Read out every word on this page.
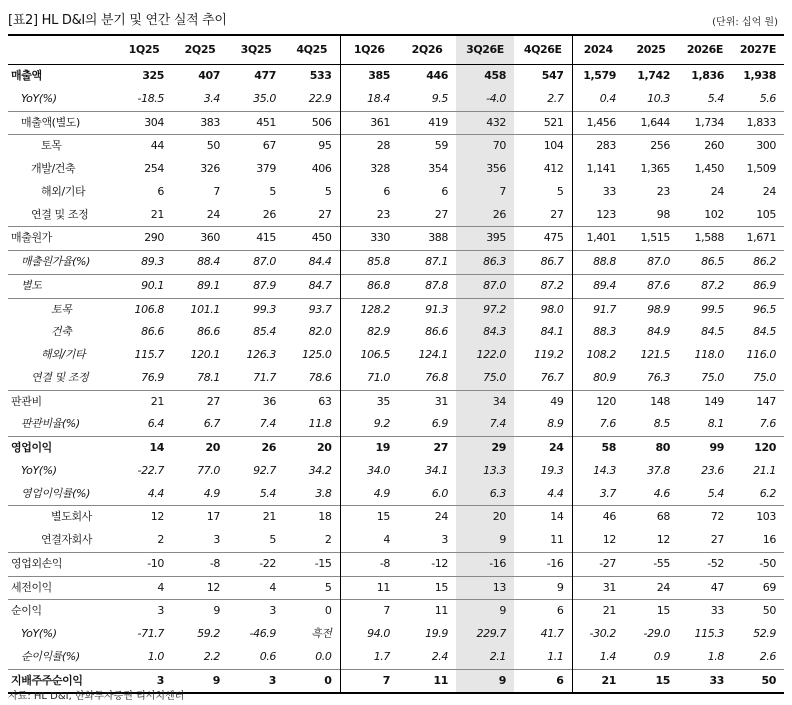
[표2] HL D&I의 분기 및 연간 실적 추이	(단위: 십억 원)
	1Q25	2Q25	3Q25	4Q25	1Q26	2Q26	3Q26E	4Q26E	2024	2025	2026E	2027E
매출액	325	407	477	533	385	446	458	547	1,579	1,742	1,836	1,938
YoY(%)	-18.5	3.4	35.0	22.9	18.4	9.5	-4.0	2.7	0.4	10.3	5.4	5.6
매출액(별도)	304	383	451	506	361	419	432	521	1,456	1,644	1,734	1,833
토목	44	50	67	95	28	59	70	104	283	256	260	300
개발/건축	254	326	379	406	328	354	356	412	1,141	1,365	1,450	1,509
해외/기타	6	7	5	5	6	6	7	5	33	23	24	24
연결 및 조정	21	24	26	27	23	27	26	27	123	98	102	105
매출원가	290	360	415	450	330	388	395	475	1,401	1,515	1,588	1,671
매출원가율(%)	89.3	88.4	87.0	84.4	85.8	87.1	86.3	86.7	88.8	87.0	86.5	86.2
별도	90.1	89.1	87.9	84.7	86.8	87.8	87.0	87.2	89.4	87.6	87.2	86.9
토목	106.8	101.1	99.3	93.7	128.2	91.3	97.2	98.0	91.7	98.9	99.5	96.5
건축	86.6	86.6	85.4	82.0	82.9	86.6	84.3	84.1	88.3	84.9	84.5	84.5
해외/기타	115.7	120.1	126.3	125.0	106.5	124.1	122.0	119.2	108.2	121.5	118.0	116.0
연결 및 조정	76.9	78.1	71.7	78.6	71.0	76.8	75.0	76.7	80.9	76.3	75.0	75.0
판관비	21	27	36	63	35	31	34	49	120	148	149	147
판관비율(%)	6.4	6.7	7.4	11.8	9.2	6.9	7.4	8.9	7.6	8.5	8.1	7.6
영업이익	14	20	26	20	19	27	29	24	58	80	99	120
YoY(%)	-22.7	77.0	92.7	34.2	34.0	34.1	13.3	19.3	14.3	37.8	23.6	21.1
영업이익률(%)	4.4	4.9	5.4	3.8	4.9	6.0	6.3	4.4	3.7	4.6	5.4	6.2
별도회사	12	17	21	18	15	24	20	14	46	68	72	103
연결자회사	2	3	5	2	4	3	9	11	12	12	27	16
영업외손익	-10	-8	-22	-15	-8	-12	-16	-16	-27	-55	-52	-50
세전이익	4	12	4	5	11	15	13	9	31	24	47	69
순이익	3	9	3	0	7	11	9	6	21	15	33	50
YoY(%)	-71.7	59.2	-46.9	흑전	94.0	19.9	229.7	41.7	-30.2	-29.0	115.3	52.9
순이익률(%)	1.0	2.2	0.6	0.0	1.7	2.4	2.1	1.1	1.4	0.9	1.8	2.6
지배주주순이익	3	9	3	0	7	11	9	6	21	15	33	50
자료: HL D&I, 한화투자증권 리서치센터
